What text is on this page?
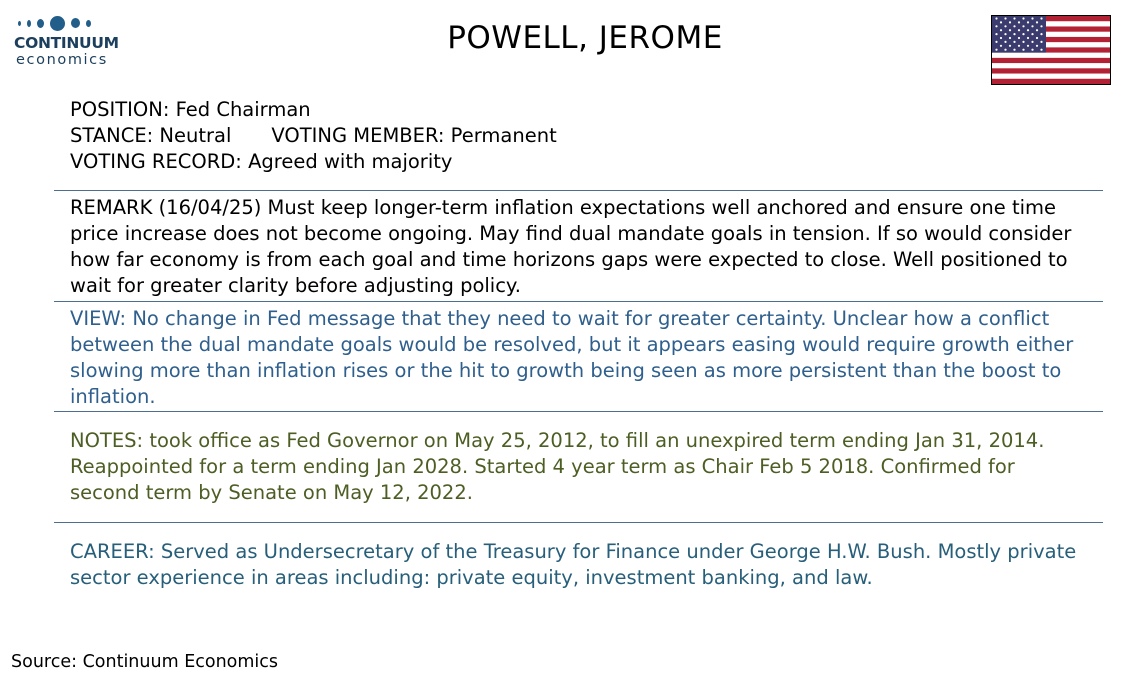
CONTINUUM
economics
POWELL, JEROME
POSITION: Fed Chairman
STANCE: Neutral VOTING MEMBER: Permanent
VOTING RECORD: Agreed with majority

REMARK (16/04/25) Must keep longer-term inflation expectations well anchored and ensure one time price increase does not become ongoing. May find dual mandate goals in tension. If so would consider how far economy is from each goal and time horizons gaps were expected to close. Well positioned to wait for greater clarity before adjusting policy.

VIEW: No change in Fed message that they need to wait for greater certainty. Unclear how a conflict between the dual mandate goals would be resolved, but it appears easing would require growth either slowing more than inflation rises or the hit to growth being seen as more persistent than the boost to inflation.

NOTES: took office as Fed Governor on May 25, 2012, to fill an unexpired term ending Jan 31, 2014. Reappointed for a term ending Jan 2028. Started 4 year term as Chair Feb 5 2018. Confirmed for second term by Senate on May 12, 2022.

CAREER: Served as Undersecretary of the Treasury for Finance under George H.W. Bush. Mostly private sector experience in areas including: private equity, investment banking, and law.

Source: Continuum Economics
